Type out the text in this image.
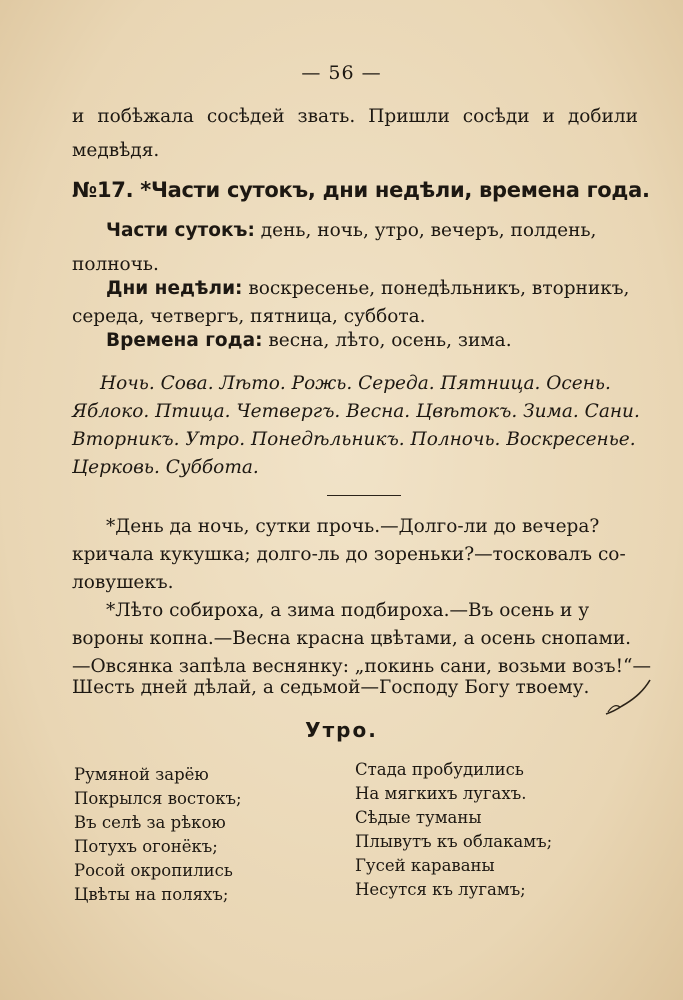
— 56 —
и побѣжала сосѣдей звать. Пришли сосѣди и добили
медвѣдя.
№17. *Части сутокъ, дни недѣли, времена года.
Части сутокъ: день, ночь, утро, вечеръ, полдень,
полночь.
Дни недѣли: воскресенье, понедѣльникъ, вторникъ,
середа, четвергъ, пятница, суббота.
Времена года: весна, лѣто, осень, зима.
Ночь. Сова. Лѣто. Рожь. Середа. Пятница. Осень.
Яблоко. Птица. Четвергъ. Весна. Цвѣтокъ. Зима. Сани.
Вторникъ. Утро. Понедѣльникъ. Полночь. Воскресенье.
Церковь. Суббота.
*День да ночь, сутки прочь.—Долго-ли до вечера?
кричала кукушка; долго-ль до зореньки?—тосковалъ со-
ловушекъ.
*Лѣто собироха, а зима подбироха.—Въ осень и у
вороны копна.—Весна красна цвѣтами, а осень снопами.
—Овсянка запѣла веснянку: „покинь сани, возьми возъ!“—
Шесть дней дѣлай, а седьмой—Господу Богу твоему.
Утро.
Румяной зарёю
Покрылся востокъ;
Въ селѣ за рѣкою
Потухъ огонёкъ;
Росой окропились
Цвѣты на поляхъ;
Стада пробудились
На мягкихъ лугахъ.
Сѣдые туманы
Плывутъ къ облакамъ;
Гусей караваны
Несутся къ лугамъ;
